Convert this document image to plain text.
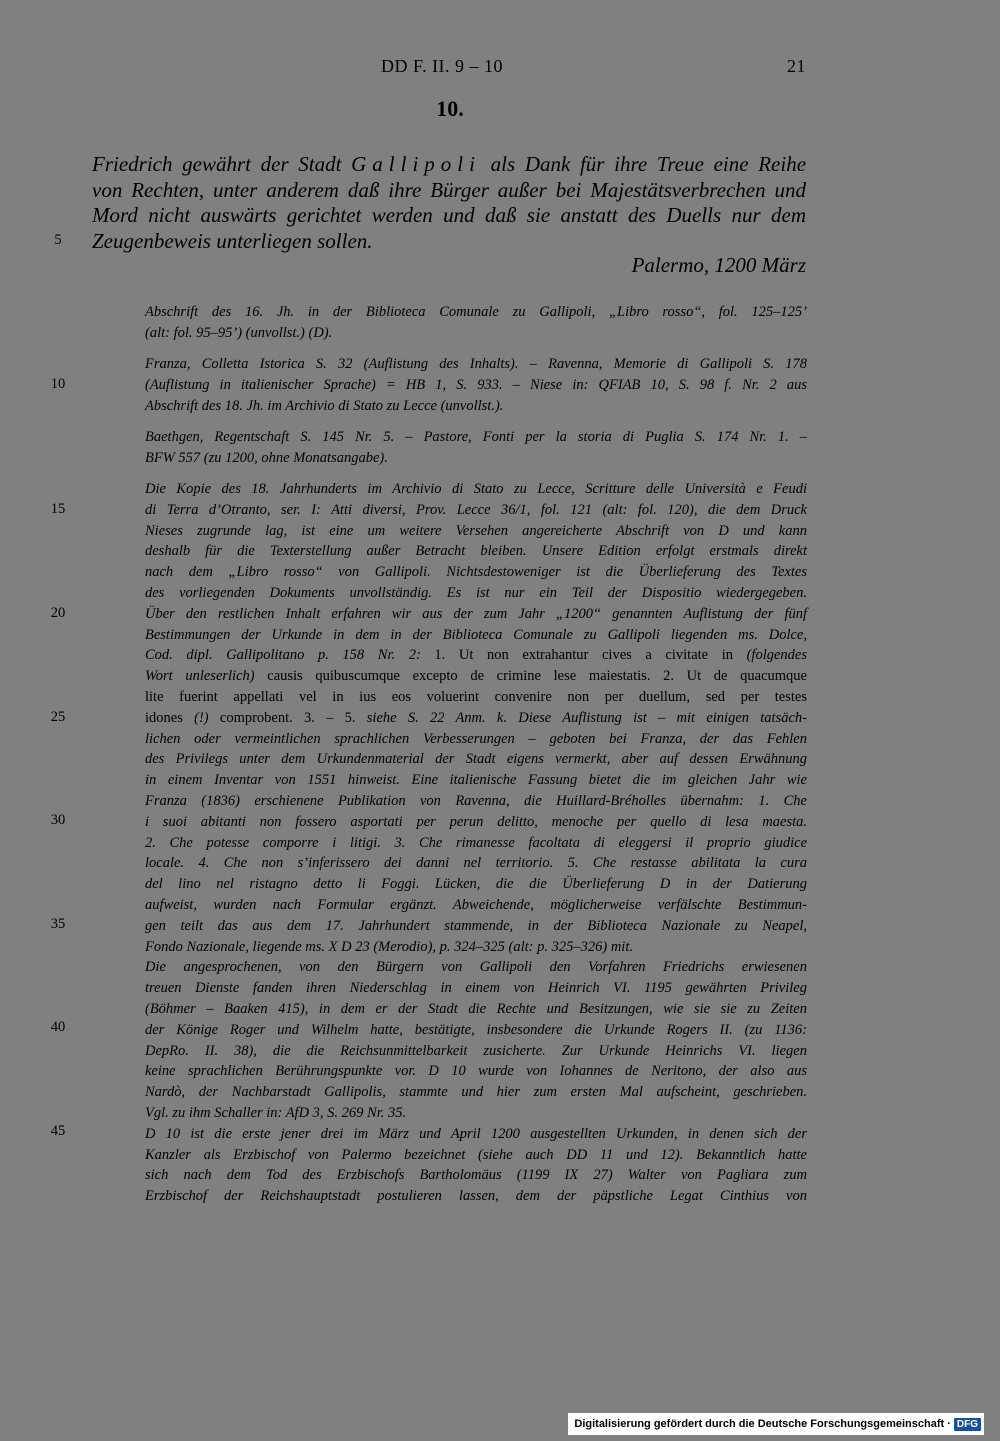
DD F. II. 9 – 10	21
10.
Friedrich gewährt der Stadt Gallipoli als Dank für ihre Treue eine Reihe
von Rechten, unter anderem daß ihre Bürger außer bei Majestätsverbrechen und
Mord nicht auswärts gerichtet werden und daß sie anstatt des Duells nur dem
Zeugenbeweis unterliegen sollen.
Palermo, 1200 März
5
10
15
20
25
30
35
40
45
Abschrift des 16. Jh. in der Biblioteca Comunale zu Gallipoli, „Libro rosso“, fol. 125–125’
(alt: fol. 95–95’) (unvollst.) (D).
Franza, Colletta Istorica S. 32 (Auflistung des Inhalts). – Ravenna, Memorie di Gallipoli S. 178
(Auflistung in italienischer Sprache) = HB 1, S. 933. – Niese in: QFIAB 10, S. 98 f. Nr. 2 aus
Abschrift des 18. Jh. im Archivio di Stato zu Lecce (unvollst.).
Baethgen, Regentschaft S. 145 Nr. 5. – Pastore, Fonti per la storia di Puglia S. 174 Nr. 1. –
BFW 557 (zu 1200, ohne Monatsangabe).
Die Kopie des 18. Jahrhunderts im Archivio di Stato zu Lecce, Scritture delle Università e Feudi
di Terra d’Otranto, ser. I: Atti diversi, Prov. Lecce 36/1, fol. 121 (alt: fol. 120), die dem Druck
Nieses zugrunde lag, ist eine um weitere Versehen angereicherte Abschrift von D und kann
deshalb für die Texterstellung außer Betracht bleiben. Unsere Edition erfolgt erstmals direkt
nach dem „Libro rosso“ von Gallipoli. Nichtsdestoweniger ist die Überlieferung des Textes
des vorliegenden Dokuments unvollständig. Es ist nur ein Teil der Dispositio wiedergegeben.
Über den restlichen Inhalt erfahren wir aus der zum Jahr „1200“ genannten Auflistung der fünf
Bestimmungen der Urkunde in dem in der Biblioteca Comunale zu Gallipoli liegenden ms. Dolce,
Cod. dipl. Gallipolitano p. 158 Nr. 2: 1. Ut non extrahantur cives a civitate in (folgendes
Wort unleserlich) causis quibuscumque excepto de crimine lese maiestatis. 2. Ut de quacumque
lite fuerint appellati vel in ius eos voluerint convenire non per duellum, sed per testes
idones (!) comprobent. 3. – 5. siehe S. 22 Anm. k. Diese Auflistung ist – mit einigen tatsäch-
lichen oder vermeintlichen sprachlichen Verbesserungen – geboten bei Franza, der das Fehlen
des Privilegs unter dem Urkundenmaterial der Stadt eigens vermerkt, aber auf dessen Erwähnung
in einem Inventar von 1551 hinweist. Eine italienische Fassung bietet die im gleichen Jahr wie
Franza (1836) erschienene Publikation von Ravenna, die Huillard-Bréholles übernahm: 1. Che
i suoi abitanti non fossero asportati per perun delitto, menoche per quello di lesa maesta.
2. Che potesse comporre i litigi. 3. Che rimanesse facoltata di eleggersi il proprio giudice
locale. 4. Che non s’inferissero dei danni nel territorio. 5. Che restasse abilitata la cura
del lino nel ristagno detto li Foggi. Lücken, die die Überlieferung D in der Datierung
aufweist, wurden nach Formular ergänzt. Abweichende, möglicherweise verfälschte Bestimmun-
gen teilt das aus dem 17. Jahrhundert stammende, in der Biblioteca Nazionale zu Neapel,
Fondo Nazionale, liegende ms. X D 23 (Merodio), p. 324–325 (alt: p. 325–326) mit.
Die angesprochenen, von den Bürgern von Gallipoli den Vorfahren Friedrichs erwiesenen
treuen Dienste fanden ihren Niederschlag in einem von Heinrich VI. 1195 gewährten Privileg
(Böhmer – Baaken 415), in dem er der Stadt die Rechte und Besitzungen, wie sie sie zu Zeiten
der Könige Roger und Wilhelm hatte, bestätigte, insbesondere die Urkunde Rogers II. (zu 1136:
DepRo. II. 38), die die Reichsunmittelbarkeit zusicherte. Zur Urkunde Heinrichs VI. liegen
keine sprachlichen Berührungspunkte vor. D 10 wurde von Iohannes de Neritono, der also aus
Nardò, der Nachbarstadt Gallipolis, stammte und hier zum ersten Mal aufscheint, geschrieben.
Vgl. zu ihm Schaller in: AfD 3, S. 269 Nr. 35.
D 10 ist die erste jener drei im März und April 1200 ausgestellten Urkunden, in denen sich der
Kanzler als Erzbischof von Palermo bezeichnet (siehe auch DD 11 und 12). Bekanntlich hatte
sich nach dem Tod des Erzbischofs Bartholomäus (1199 IX 27) Walter von Pagliara zum
Erzbischof der Reichshauptstadt postulieren lassen, dem der päpstliche Legat Cinthius von
Digitalisierung gefördert durch die Deutsche Forschungsgemeinschaft · DFG
